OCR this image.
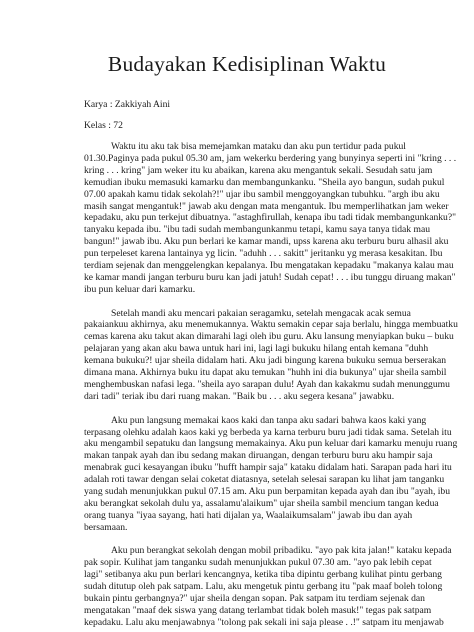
Budayakan Kedisiplinan Waktu
Karya : Zakkiyah Aini
Kelas : 72
Waktu itu aku tak bisa memejamkan mataku dan aku pun tertidur pada pukul
01.30.Paginya pada pukul 05.30 am, jam wekerku berdering yang bunyinya seperti ini "kring . . .
kring . . . kring" jam weker itu ku abaikan, karena aku mengantuk sekali. Sesudah satu jam
kemudian ibuku memasuki kamarku dan membangunkanku. "Sheila ayo bangun, sudah pukul
07.00 apakah kamu tidak sekolah?!" ujar ibu sambil menggoyangkan tubuhku. "argh ibu aku
masih sangat mengantuk!" jawab aku dengan mata mengantuk. Ibu memperlihatkan jam weker
kepadaku, aku pun terkejut dibuatnya. "astaghfirullah, kenapa ibu tadi tidak membangunkanku?"
tanyaku kepada ibu. "ibu tadi sudah membangunkanmu tetapi, kamu saya tanya tidak mau
bangun!" jawab ibu. Aku pun berlari ke kamar mandi, upss karena aku terburu buru alhasil aku
pun terpeleset karena lantainya yg licin. "aduhh . . . sakitt" jeritanku yg merasa kesakitan. Ibu
terdiam sejenak dan menggelengkan kepalanya. Ibu mengatakan kepadaku "makanya kalau mau
ke kamar mandi jangan terburu buru kan jadi jatuh! Sudah cepat! . . . ibu tunggu diruang makan"
ibu pun keluar dari kamarku.
Setelah mandi aku mencari pakaian seragamku, setelah mengacak acak semua
pakaiankuu akhirnya, aku menemukannya. Waktu semakin cepar saja berlalu, hingga membuatku
cemas karena aku takut akan dimarahi lagi oleh ibu guru. Aku lansung menyiapkan buku – buku
pelajaran yang akan aku bawa untuk hari ini, lagi lagi bukuku hilang entah kemana "duhh
kemana bukuku?! ujar sheila didalam hati. Aku jadi bingung karena bukuku semua berserakan
dimana mana. Akhirnya buku itu dapat aku temukan "huhh ini dia bukunya" ujar sheila sambil
menghembuskan nafasi lega. "sheila ayo sarapan dulu! Ayah dan kakakmu sudah menunggumu
dari tadi" teriak ibu dari ruang makan. "Baik bu . . . aku segera kesana" jawabku.
Aku pun langsung memakai kaos kaki dan tanpa aku sadari bahwa kaos kaki yang
terpasang olehku adalah kaos kaki yg berbeda ya karna terburu buru jadi tidak sama. Setelah itu
aku mengambil sepatuku dan langsung memakainya. Aku pun keluar dari kamarku menuju ruang
makan tanpak ayah dan ibu sedang makan diruangan, dengan terburu buru aku hampir saja
menabrak guci kesayangan ibuku "hufft hampir saja" kataku didalam hati. Sarapan pada hari itu
adalah roti tawar dengan selai coketat diatasnya, setelah selesai sarapan ku lihat jam tanganku
yang sudah menunjukkan pukul 07.15 am. Aku pun berpamitan kepada ayah dan ibu "ayah, ibu
aku berangkat sekolah dulu ya, assalamu'alaikum" ujar sheila sambil mencium tangan kedua
orang tuanya "iyaa sayang, hati hati dijalan ya, Waalaikumsalam" jawab ibu dan ayah
bersamaan.
Aku pun berangkat sekolah dengan mobil pribadiku. "ayo pak kita jalan!" kataku kepada
pak sopir. Kulihat jam tanganku sudah menunjukkan pukul 07.30 am. "ayo pak lebih cepat
lagi" setibanya aku pun berlari kencangnya, ketika tiba dipintu gerbang kulihat pintu gerbang
sudah ditutup oleh pak satpam. Lalu, aku mengetuk pintu gerbang itu "pak maaf boleh tolong
bukain pintu gerbangnya?" ujar sheila dengan sopan. Pak satpam itu terdiam sejenak dan
mengatakan "maaf dek siswa yang datang terlambat tidak boleh masuk!" tegas pak satpam
kepadaku. Lalu aku menjawabnya "tolong pak sekali ini saja please . .!" satpam itu menjawab
